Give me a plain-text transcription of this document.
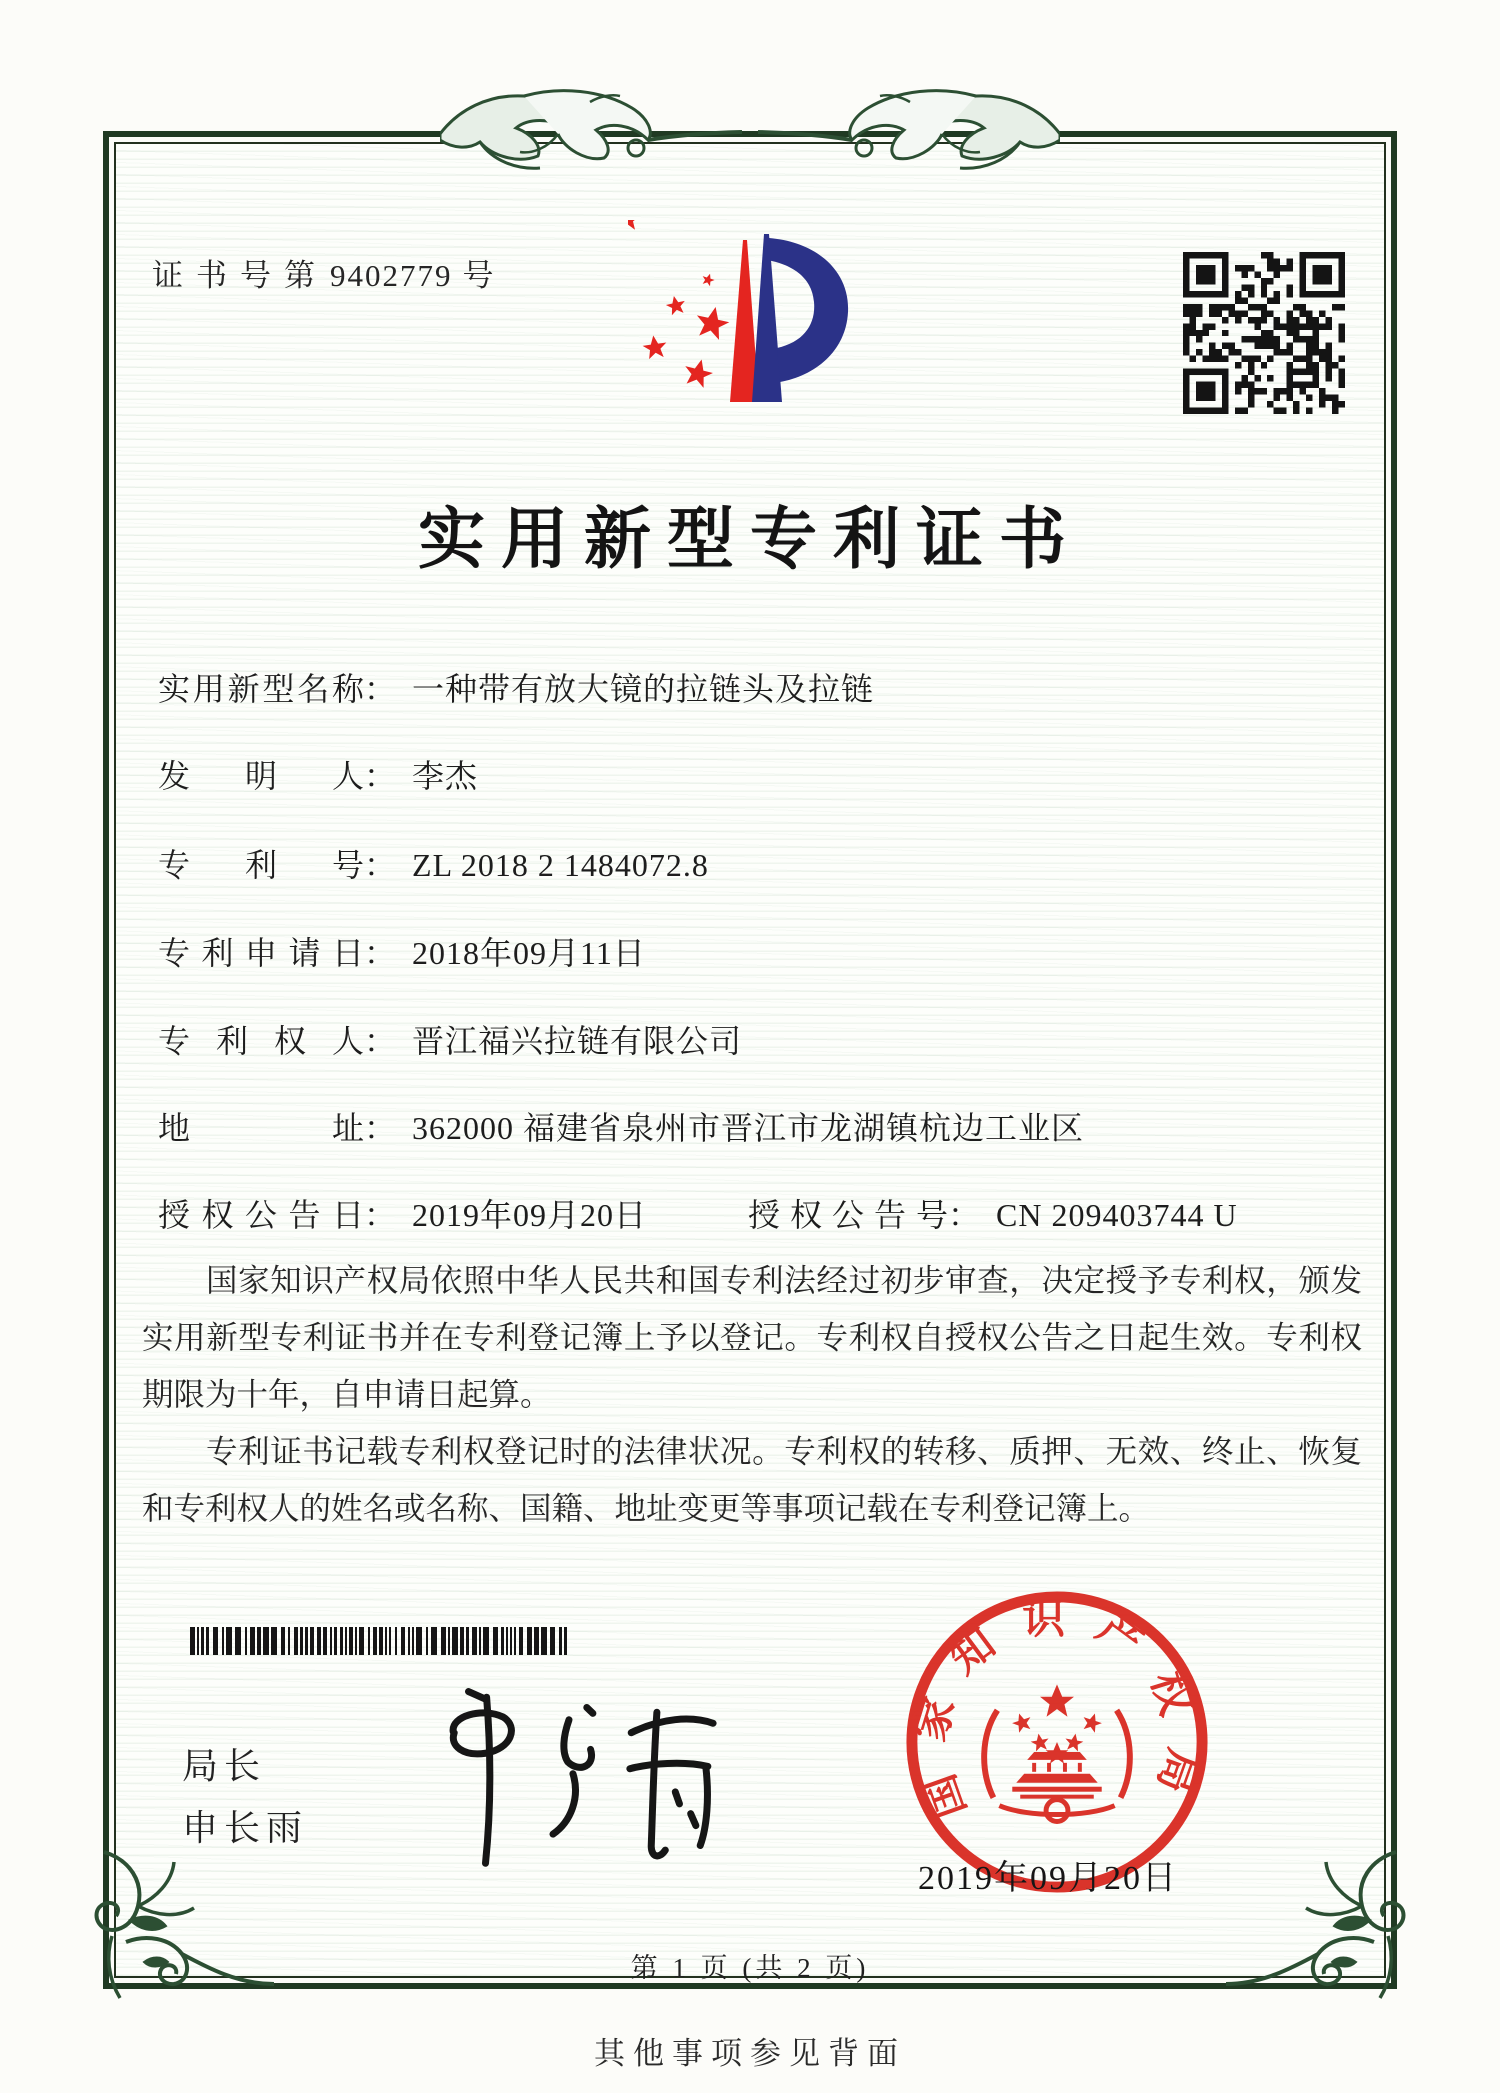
证书号第9402779 号
实用新型专利证书
实用新型名称： 一种带有放大镜的拉链头及拉链
发明人： 李杰
专利号： ZL 2018 2 1484072.8
专利申请日： 2018年09月11日
专利权人： 晋江福兴拉链有限公司
地址： 362000 福建省泉州市晋江市龙湖镇杭边工业区
授权公告日： 2019年09月20日	授权公告号： CN 209403744 U

国家知识产权局依照中华人民共和国专利法经过初步审查，决定授予专利权，颁发实用新型专利证书并在专利登记簿上予以登记。专利权自授权公告之日起生效。专利权期限为十年，自申请日起算。

专利证书记载专利权登记时的法律状况。专利权的转移、质押、无效、终止、恢复和专利权人的姓名或名称、国籍、地址变更等事项记载在专利登记簿上。

局长
申长雨
国家知识产权局
2019年09月20日
第 1 页 (共 2 页)
其他事项参见背面
